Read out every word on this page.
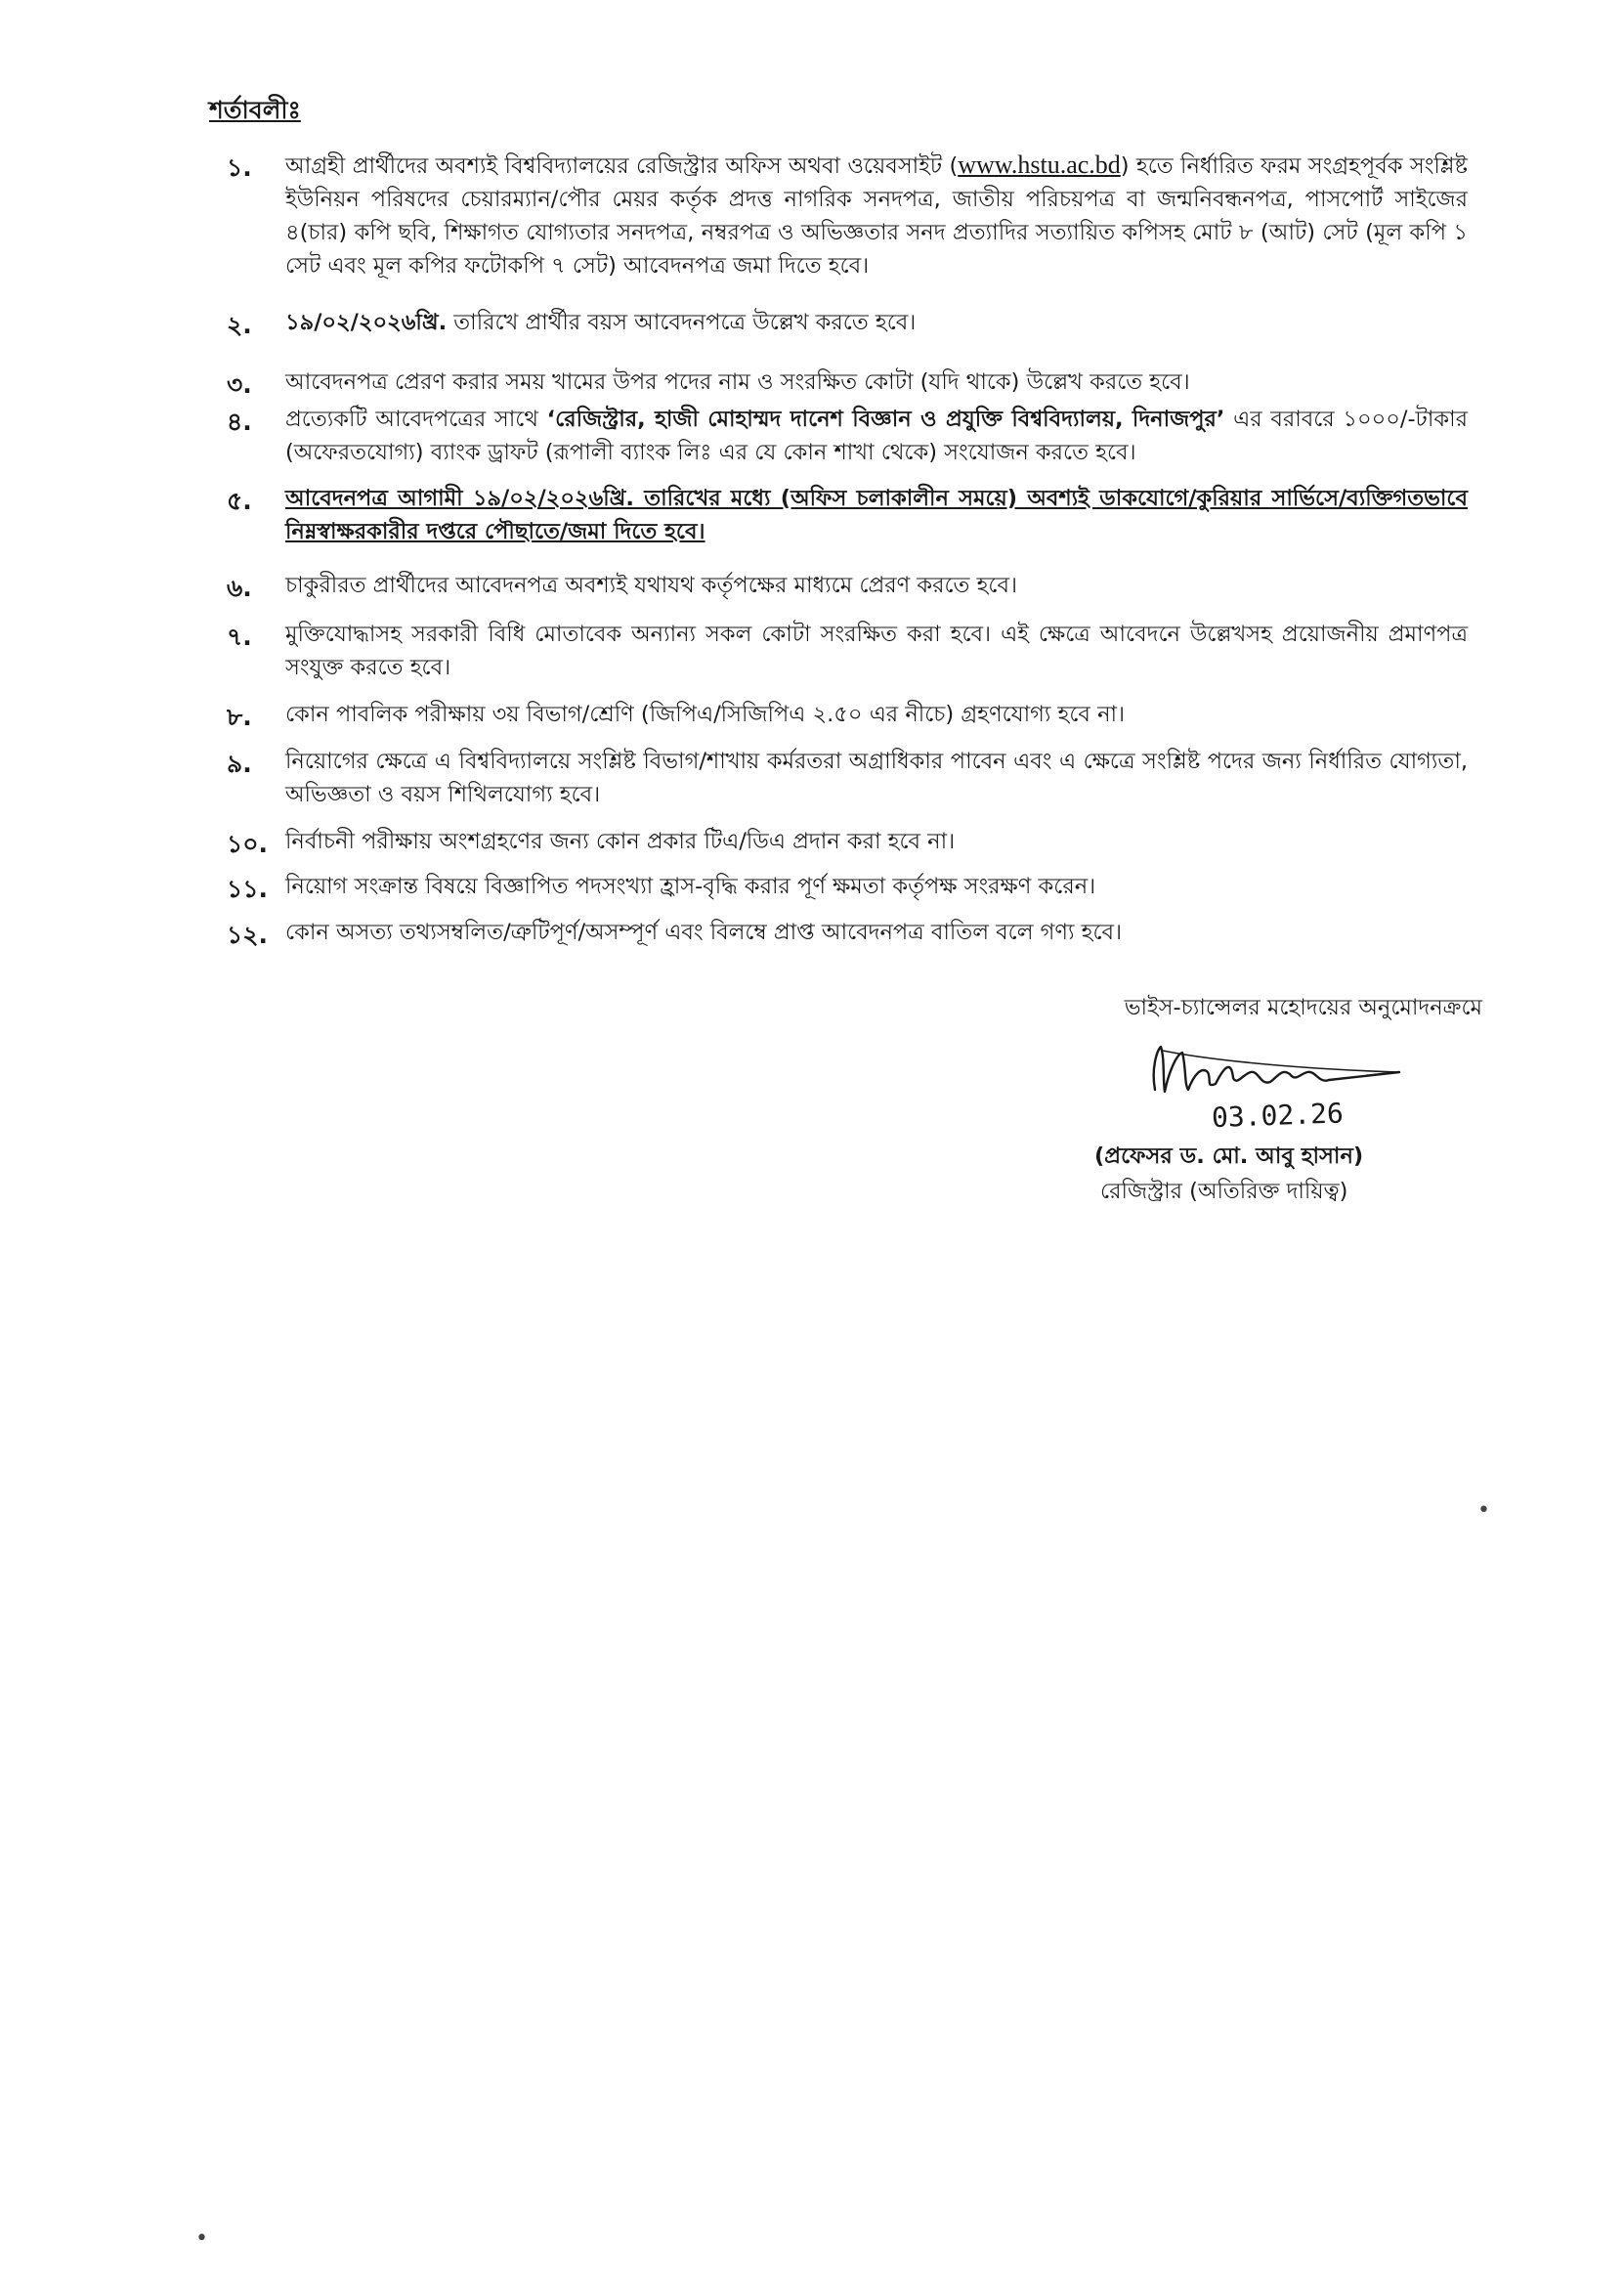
শর্তাবলীঃ
১. আগ্রহী প্রার্থীদের অবশ্যই বিশ্ববিদ্যালয়ের রেজিস্ট্রার অফিস অথবা ওয়েবসাইট (www.hstu.ac.bd) হতে নির্ধারিত ফরম সংগ্রহপূর্বক সংশ্লিষ্ট ইউনিয়ন পরিষদের চেয়ারম্যান/পৌর মেয়র কর্তৃক প্রদত্ত নাগরিক সনদপত্র, জাতীয় পরিচয়পত্র বা জন্মনিবন্ধনপত্র, পাসপোর্ট সাইজের ৪(চার) কপি ছবি, শিক্ষাগত যোগ্যতার সনদপত্র, নম্বরপত্র ও অভিজ্ঞতার সনদ প্রত্যাদির সত্যায়িত কপিসহ মোট ৮ (আট) সেট (মূল কপি ১ সেট এবং মূল কপির ফটোকপি ৭ সেট) আবেদনপত্র জমা দিতে হবে।
২. ১৯/০২/২০২৬খ্রি. তারিখে প্রার্থীর বয়স আবেদনপত্রে উল্লেখ করতে হবে।
৩. আবেদনপত্র প্রেরণ করার সময় খামের উপর পদের নাম ও সংরক্ষিত কোটা (যদি থাকে) উল্লেখ করতে হবে।
৪. প্রত্যেকটি আবেদপত্রের সাথে ‘রেজিস্ট্রার, হাজী মোহাম্মদ দানেশ বিজ্ঞান ও প্রযুক্তি বিশ্ববিদ্যালয়, দিনাজপুর’ এর বরাবরে ১০০০/-টাকার (অফেরতযোগ্য) ব্যাংক ড্রাফট (রূপালী ব্যাংক লিঃ এর যে কোন শাখা থেকে) সংযোজন করতে হবে।
৫. আবেদনপত্র আগামী ১৯/০২/২০২৬খ্রি. তারিখের মধ্যে (অফিস চলাকালীন সময়ে) অবশ্যই ডাকযোগে/কুরিয়ার সার্ভিসে/ব্যক্তিগতভাবে নিম্নস্বাক্ষরকারীর দপ্তরে পৌছাতে/জমা দিতে হবে।
৬. চাকুরীরত প্রার্থীদের আবেদনপত্র অবশ্যই যথাযথ কর্তৃপক্ষের মাধ্যমে প্রেরণ করতে হবে।
৭. মুক্তিযোদ্ধাসহ সরকারী বিধি মোতাবেক অন্যান্য সকল কোটা সংরক্ষিত করা হবে। এই ক্ষেত্রে আবেদনে উল্লেখসহ প্রয়োজনীয় প্রমাণপত্র সংযুক্ত করতে হবে।
৮. কোন পাবলিক পরীক্ষায় ৩য় বিভাগ/শ্রেণি (জিপিএ/সিজিপিএ ২.৫০ এর নীচে) গ্রহণযোগ্য হবে না।
৯. নিয়োগের ক্ষেত্রে এ বিশ্ববিদ্যালয়ে সংশ্লিষ্ট বিভাগ/শাখায় কর্মরতরা অগ্রাধিকার পাবেন এবং এ ক্ষেত্রে সংশ্লিষ্ট পদের জন্য নির্ধারিত যোগ্যতা, অভিজ্ঞতা ও বয়স শিথিলযোগ্য হবে।
১০. নির্বাচনী পরীক্ষায় অংশগ্রহণের জন্য কোন প্রকার টিএ/ডিএ প্রদান করা হবে না।
১১. নিয়োগ সংক্রান্ত বিষয়ে বিজ্ঞাপিত পদসংখ্যা হ্রাস-বৃদ্ধি করার পূর্ণ ক্ষমতা কর্তৃপক্ষ সংরক্ষণ করেন।
১২. কোন অসত্য তথ্যসম্বলিত/ত্রুটিপূর্ণ/অসম্পূর্ণ এবং বিলম্বে প্রাপ্ত আবেদনপত্র বাতিল বলে গণ্য হবে।
ভাইস-চ্যান্সেলর মহোদয়ের অনুমোদনক্রমে
03.02.26
(প্রফেসর ড. মো. আবু হাসান)
রেজিস্ট্রার (অতিরিক্ত দায়িত্ব)
•
•
